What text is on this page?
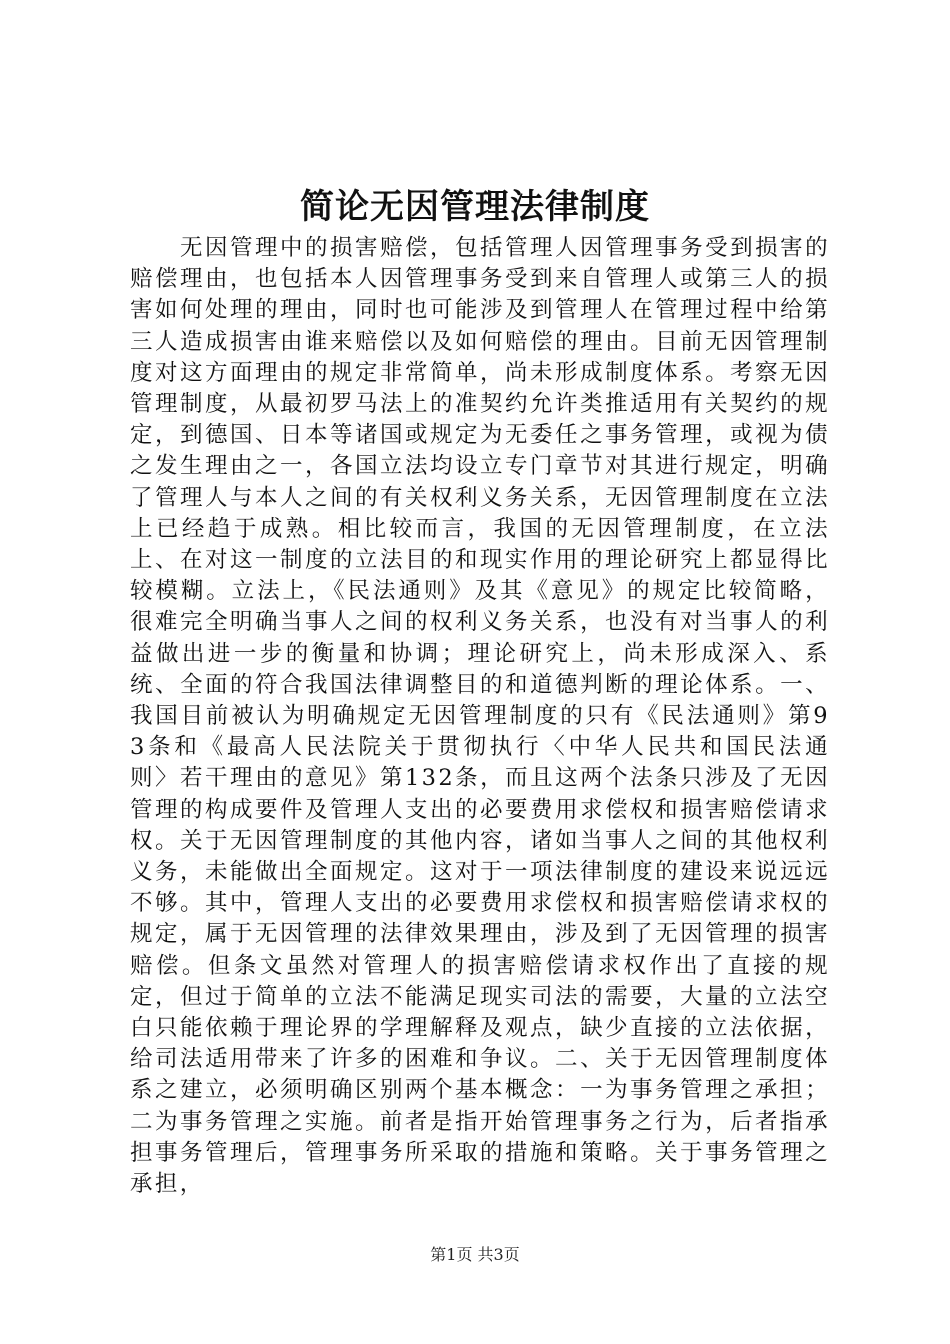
简论无因管理法律制度

无因管理中的损害赔偿，包括管理人因管理事务受到损害的赔偿理由，也包括本人因管理事务受到来自管理人或第三人的损害如何处理的理由，同时也可能涉及到管理人在管理过程中给第三人造成损害由谁来赔偿以及如何赔偿的理由。目前无因管理制度对这方面理由的规定非常简单，尚未形成制度体系。考察无因管理制度，从最初罗马法上的准契约允许类推适用有关契约的规定，到德国、日本等诸国或规定为无委任之事务管理，或视为债之发生理由之一，各国立法均设立专门章节对其进行规定，明确了管理人与本人之间的有关权利义务关系，无因管理制度在立法上已经趋于成熟。相比较而言，我国的无因管理制度，在立法上、在对这一制度的立法目的和现实作用的理论研究上都显得比较模糊。立法上，《民法通则》及其《意见》的规定比较简略，很难完全明确当事人之间的权利义务关系，也没有对当事人的利益做出进一步的衡量和协调；理论研究上，尚未形成深入、系统、全面的符合我国法律调整目的和道德判断的理论体系。一、我国目前被认为明确规定无因管理制度的只有《民法通则》第93条和《最高人民法院关于贯彻执行〈中华人民共和国民法通则〉若干理由的意见》第132条，而且这两个法条只涉及了无因管理的构成要件及管理人支出的必要费用求偿权和损害赔偿请求权。关于无因管理制度的其他内容，诸如当事人之间的其他权利义务，未能做出全面规定。这对于一项法律制度的建设来说远远不够。其中，管理人支出的必要费用求偿权和损害赔偿请求权的规定，属于无因管理的法律效果理由，涉及到了无因管理的损害赔偿。但条文虽然对管理人的损害赔偿请求权作出了直接的规定，但过于简单的立法不能满足现实司法的需要，大量的立法空白只能依赖于理论界的学理解释及观点，缺少直接的立法依据，给司法适用带来了许多的困难和争议。二、关于无因管理制度体系之建立，必须明确区别两个基本概念：一为事务管理之承担；二为事务管理之实施。前者是指开始管理事务之行为，后者指承担事务管理后，管理事务所采取的措施和策略。关于事务管理之承担，

第1页 共3页
